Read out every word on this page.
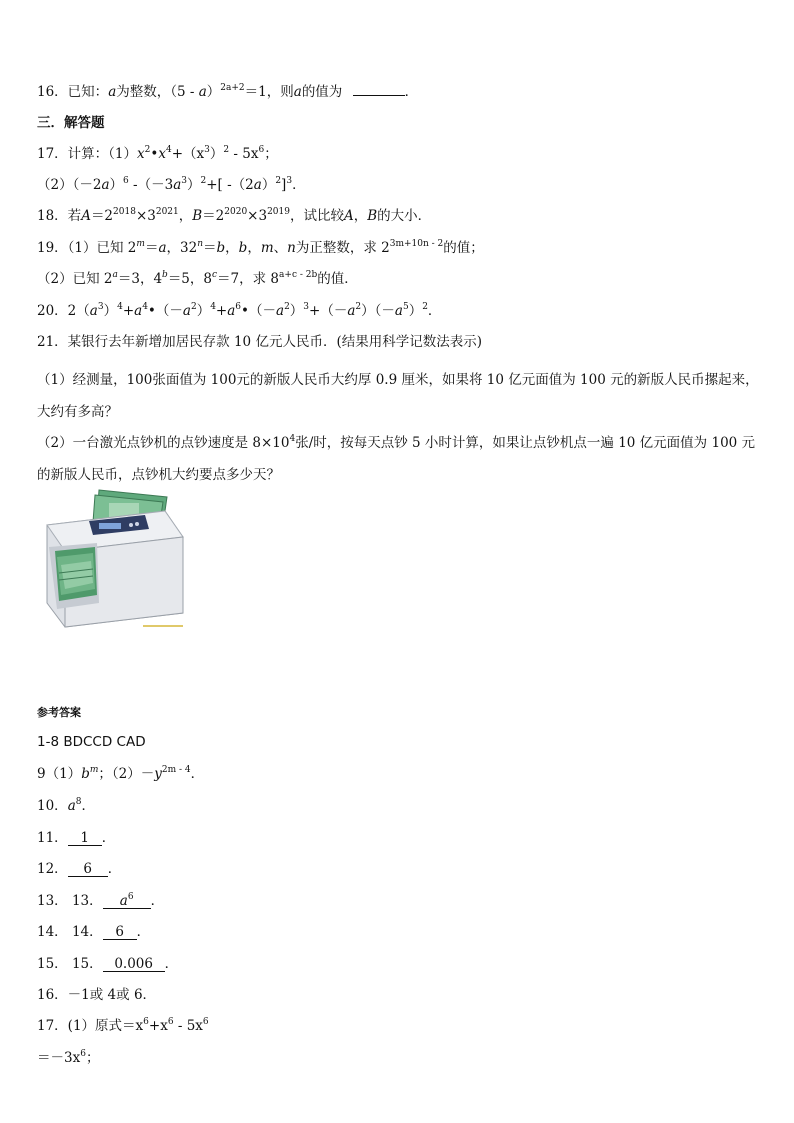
16．已知：a为整数，（5 - a）$^{2a+2}$＝1，则a的值为	．
三．解答题
17．计算：$(1)x^2•x^4+(x^3)^2 - 5x^6$；
$(2)(-2a)^6$ $-(-3a^3)^2+$[ $-(2a)^2]^3$．
18．若$A=2^{2018}\times 3^{2021}$，$B=2^{2020}\times 3^{2019}$，试比较A，B的大小．
19．（1）已知 $2^m=a$，$32^n=b$，b，m、n为正整数，求 $2^{3m+10n - 2}$的值；
（2）已知 $2^a=3$，$4^b=5$，$8^c=7$，求 $8^{a+c - 2b}$的值．
20．$2(a^3)^4+a^4•(-a^2)^4+a^6•(-a^2)^3+(-a^2)(-a^5)^2$．
21．某银行去年新增加居民存款 10 亿元人民币．(结果用科学记数法表示)
（1）经测量，100张面值为 100元的新版人民币大约厚 0.9 厘米，如果将 10 亿元面值为 100 元的新版人民币摞起来，大约有多高？
（2）一台激光点钞机的点钞速度是 $8\times 10^4$张/时，按每天点钞 5 小时计算，如果让点钞机点一遍 10 亿元面值为 100 元的新版人民币，点钞机大约要点多少天？
参考答案
1-8 BDCCD CAD
$9(1)b^m$；$(2)-y^{2m - 4}$．
10．$a^8$．
11． 1 ．
12． 6 ．
13． 13． $a^6$ ．
14． 14． 6 ．
15． 15． 0.006 ．
16．－1或 4或 6．
17．(1）原式$=x^6+x^6 - 5x^6$
$=-3x^6$；
